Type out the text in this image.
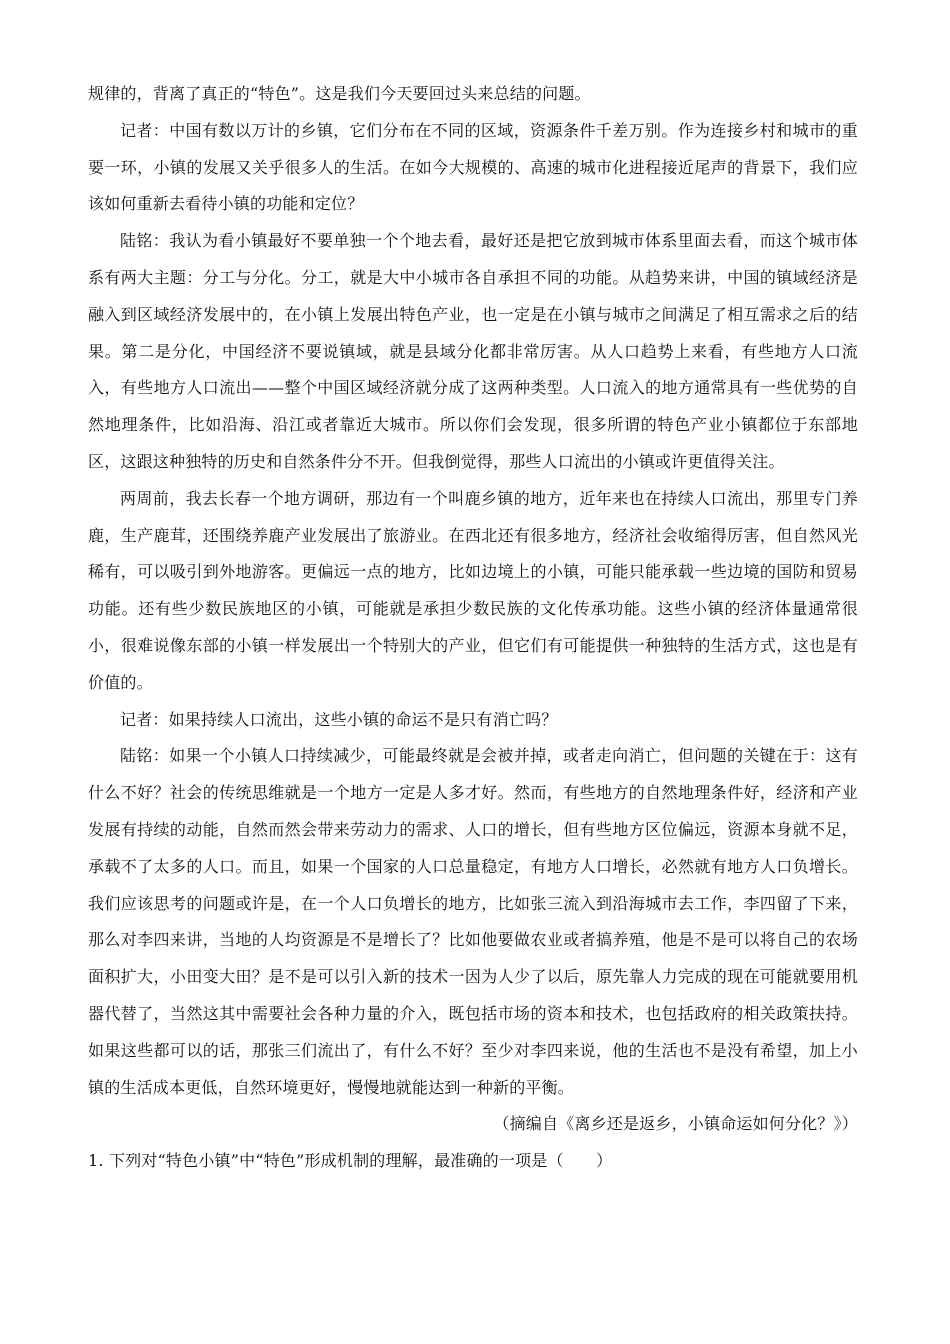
规律的，背离了真正的“特色”。这是我们今天要回过头来总结的问题。

记者：中国有数以万计的乡镇，它们分布在不同的区域，资源条件千差万别。作为连接乡村和城市的重要一环，小镇的发展又关乎很多人的生活。在如今大规模的、高速的城市化进程接近尾声的背景下，我们应该如何重新去看待小镇的功能和定位？

陆铭：我认为看小镇最好不要单独一个个地去看，最好还是把它放到城市体系里面去看，而这个城市体系有两大主题：分工与分化。分工，就是大中小城市各自承担不同的功能。从趋势来讲，中国的镇域经济是融入到区域经济发展中的，在小镇上发展出特色产业，也一定是在小镇与城市之间满足了相互需求之后的结果。第二是分化，中国经济不要说镇域，就是县域分化都非常厉害。从人口趋势上来看，有些地方人口流入，有些地方人口流出——整个中国区域经济就分成了这两种类型。人口流入的地方通常具有一些优势的自然地理条件，比如沿海、沿江或者靠近大城市。所以你们会发现，很多所谓的特色产业小镇都位于东部地区，这跟这种独特的历史和自然条件分不开。但我倒觉得，那些人口流出的小镇或许更值得关注。

两周前，我去长春一个地方调研，那边有一个叫鹿乡镇的地方，近年来也在持续人口流出，那里专门养鹿，生产鹿茸，还围绕养鹿产业发展出了旅游业。在西北还有很多地方，经济社会收缩得厉害，但自然风光稀有，可以吸引到外地游客。更偏远一点的地方，比如边境上的小镇，可能只能承载一些边境的国防和贸易功能。还有些少数民族地区的小镇，可能就是承担少数民族的文化传承功能。这些小镇的经济体量通常很小，很难说像东部的小镇一样发展出一个特别大的产业，但它们有可能提供一种独特的生活方式，这也是有价值的。

记者：如果持续人口流出，这些小镇的命运不是只有消亡吗？

陆铭：如果一个小镇人口持续减少，可能最终就是会被并掉，或者走向消亡，但问题的关键在于：这有什么不好？社会的传统思维就是一个地方一定是人多才好。然而，有些地方的自然地理条件好，经济和产业发展有持续的动能，自然而然会带来劳动力的需求、人口的增长，但有些地方区位偏远，资源本身就不足，承载不了太多的人口。而且，如果一个国家的人口总量稳定，有地方人口增长，必然就有地方人口负增长。我们应该思考的问题或许是，在一个人口负增长的地方，比如张三流入到沿海城市去工作，李四留了下来，那么对李四来讲，当地的人均资源是不是增长了？比如他要做农业或者搞养殖，他是不是可以将自己的农场面积扩大，小田变大田？是不是可以引入新的技术一因为人少了以后，原先靠人力完成的现在可能就要用机器代替了，当然这其中需要社会各种力量的介入，既包括市场的资本和技术，也包括政府的相关政策扶持。如果这些都可以的话，那张三们流出了，有什么不好？至少对李四来说，他的生活也不是没有希望，加上小镇的生活成本更低，自然环境更好，慢慢地就能达到一种新的平衡。

（摘编自《离乡还是返乡，小镇命运如何分化？》）

1. 下列对“特色小镇”中“特色”形成机制的理解，最准确的一项是（　　）
